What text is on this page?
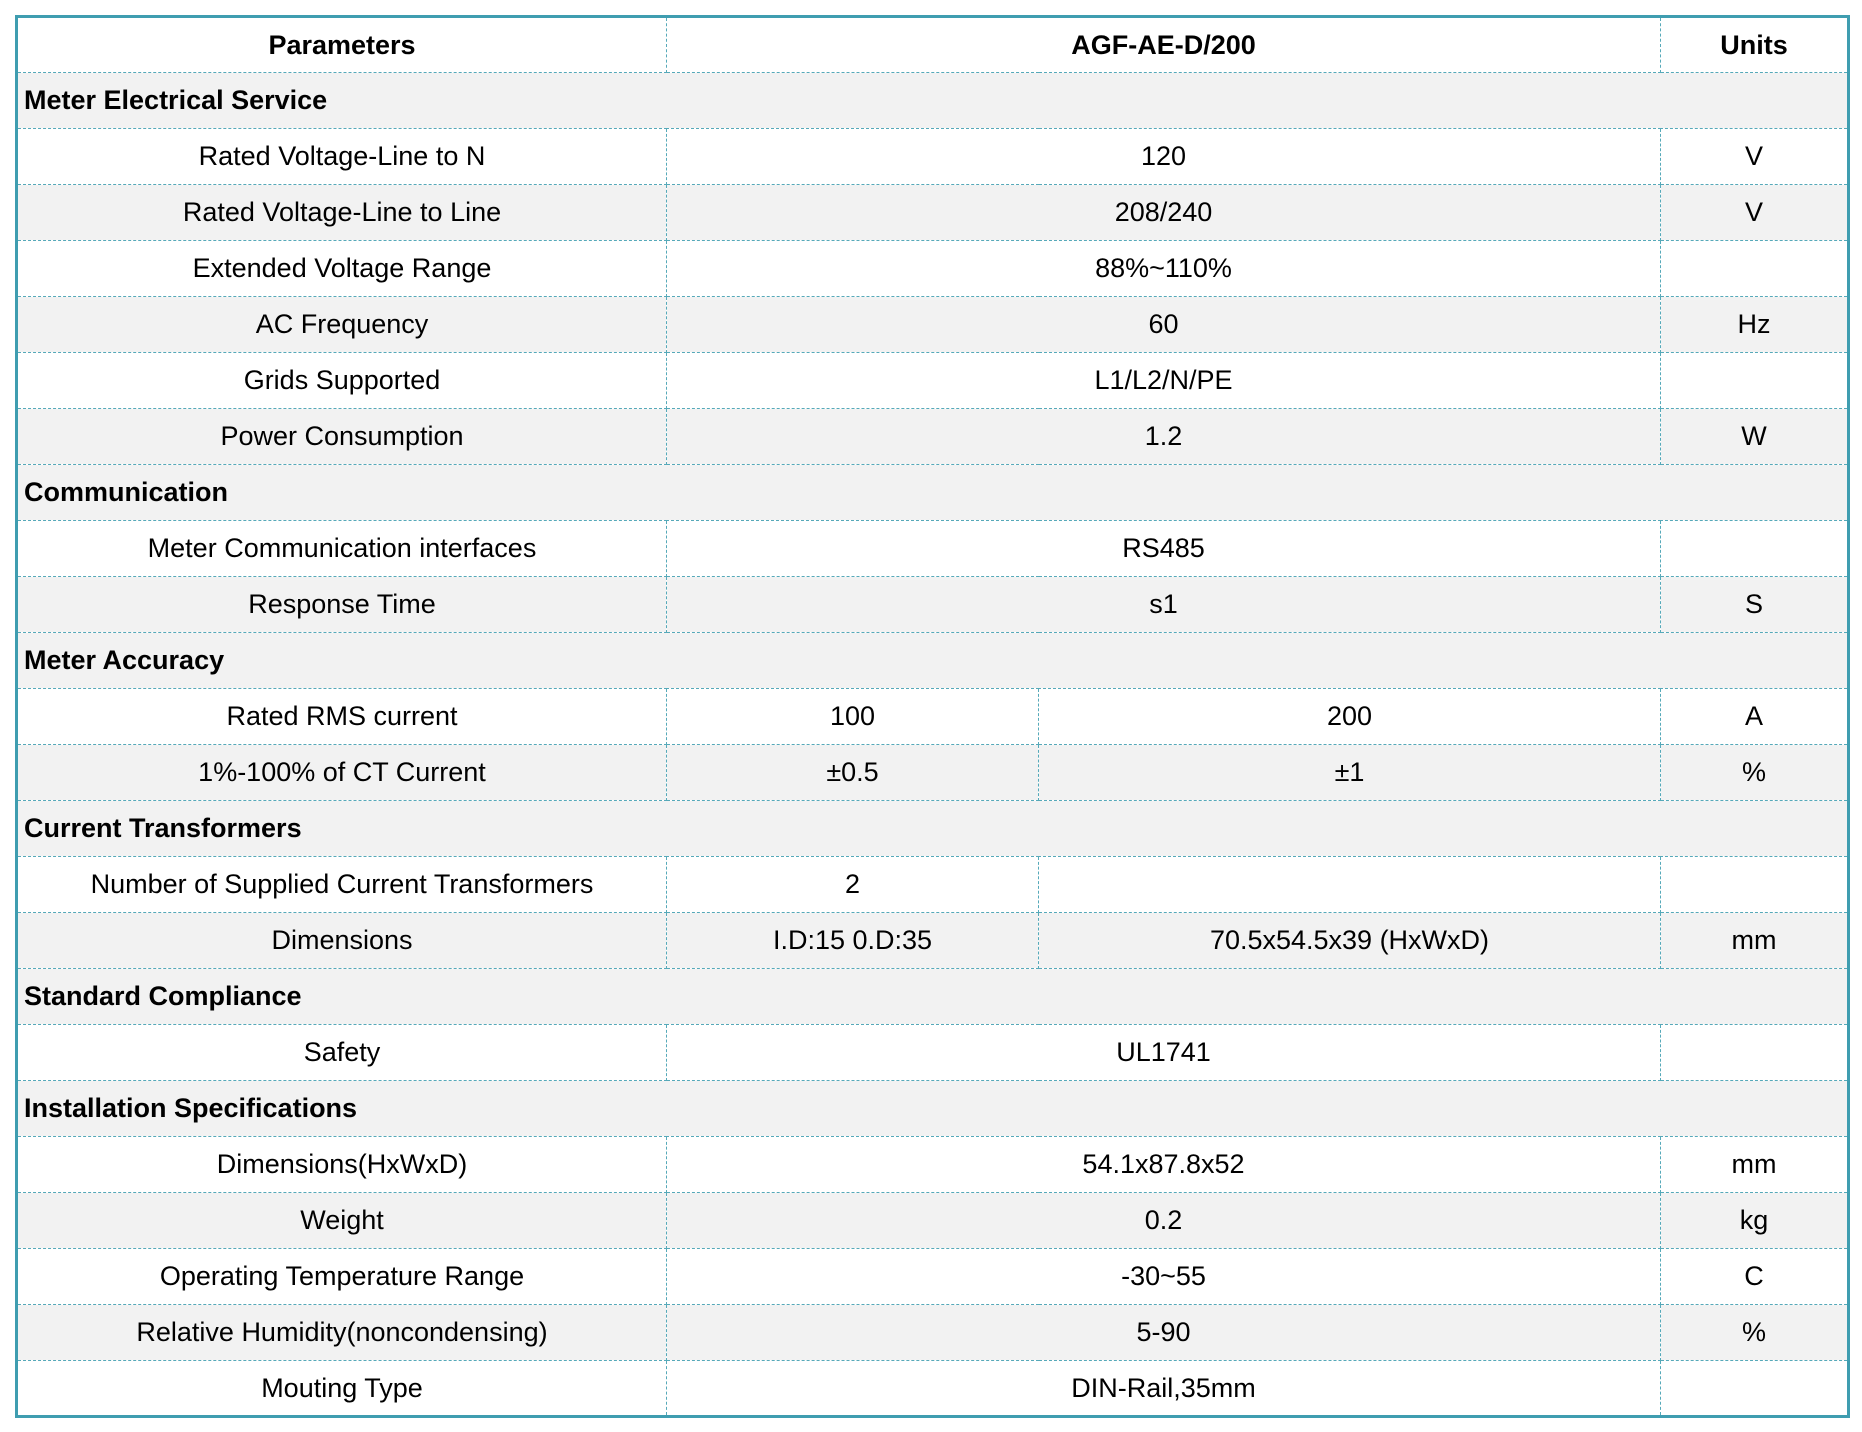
Parameters	AGF-AE-D/200		Units
Meter Electrical Service			
Rated Voltage-Line to N	120		V
Rated Voltage-Line to Line	208/240		V
Extended Voltage Range	88%~110%		
AC Frequency	60		Hz
Grids Supported	L1/L2/N/PE		
Power Consumption	1.2		W
Communication			
Meter Communication interfaces	RS485		
Response Time	s1		S
Meter Accuracy			
Rated RMS current	100	200	A
1%-100% of CT Current	±0.5	±1	%
Current Transformers			
Number of Supplied Current Transformers	2		
Dimensions	I.D:15 0.D:35	70.5x54.5x39 (HxWxD)	mm
Standard Compliance			
Safety	UL1741		
Installation Specifications			
Dimensions(HxWxD)	54.1x87.8x52		mm
Weight	0.2		kg
Operating Temperature Range	-30~55		C
Relative Humidity(noncondensing)	5-90		%
Mouting Type	DIN-Rail,35mm		
